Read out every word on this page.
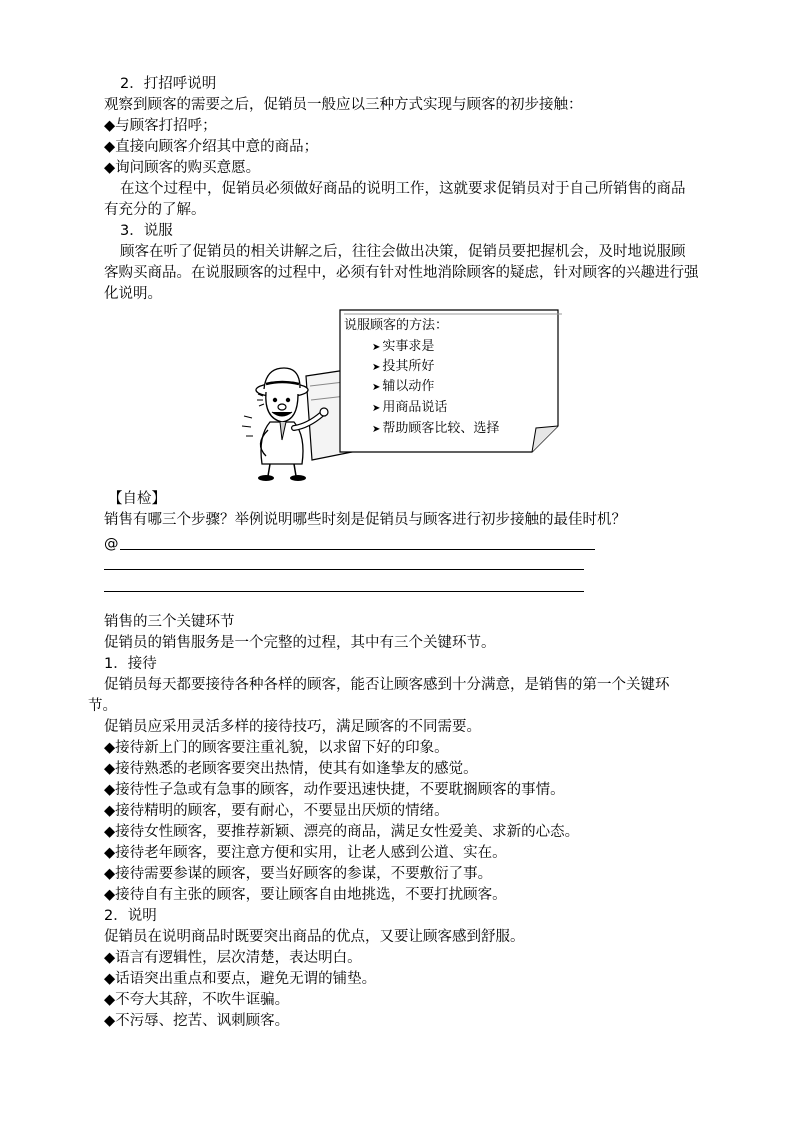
2．打招呼说明
观察到顾客的需要之后，促销员一般应以三种方式实现与顾客的初步接触：
◆与顾客打招呼；
◆直接向顾客介绍其中意的商品；
◆询问顾客的购买意愿。
在这个过程中，促销员必须做好商品的说明工作，这就要求促销员对于自己所销售的商品
有充分的了解。
3．说服
顾客在听了促销员的相关讲解之后，往往会做出决策，促销员要把握机会，及时地说服顾
客购买商品。在说服顾客的过程中，必须有针对性地消除顾客的疑虑，针对顾客的兴趣进行强
化说明。
说服顾客的方法：
➤ 实事求是
➤ 投其所好
➤ 辅以动作
➤ 用商品说话
➤ 帮助顾客比较、选择
【自检】
销售有哪三个步骤？举例说明哪些时刻是促销员与顾客进行初步接触的最佳时机？
@
销售的三个关键环节
促销员的销售服务是一个完整的过程，其中有三个关键环节。
1．接待
促销员每天都要接待各种各样的顾客，能否让顾客感到十分满意，是销售的第一个关键环
节。
促销员应采用灵活多样的接待技巧，满足顾客的不同需要。
◆接待新上门的顾客要注重礼貌，以求留下好的印象。
◆接待熟悉的老顾客要突出热情，使其有如逢挚友的感觉。
◆接待性子急或有急事的顾客，动作要迅速快捷，不要耽搁顾客的事情。
◆接待精明的顾客，要有耐心，不要显出厌烦的情绪。
◆接待女性顾客，要推荐新颖、漂亮的商品，满足女性爱美、求新的心态。
◆接待老年顾客，要注意方便和实用，让老人感到公道、实在。
◆接待需要参谋的顾客，要当好顾客的参谋，不要敷衍了事。
◆接待自有主张的顾客，要让顾客自由地挑选，不要打扰顾客。
2．说明
促销员在说明商品时既要突出商品的优点，又要让顾客感到舒服。
◆语言有逻辑性，层次清楚，表达明白。
◆话语突出重点和要点，避免无谓的铺垫。
◆不夸大其辞，不吹牛诓骗。
◆不污辱、挖苦、讽刺顾客。
